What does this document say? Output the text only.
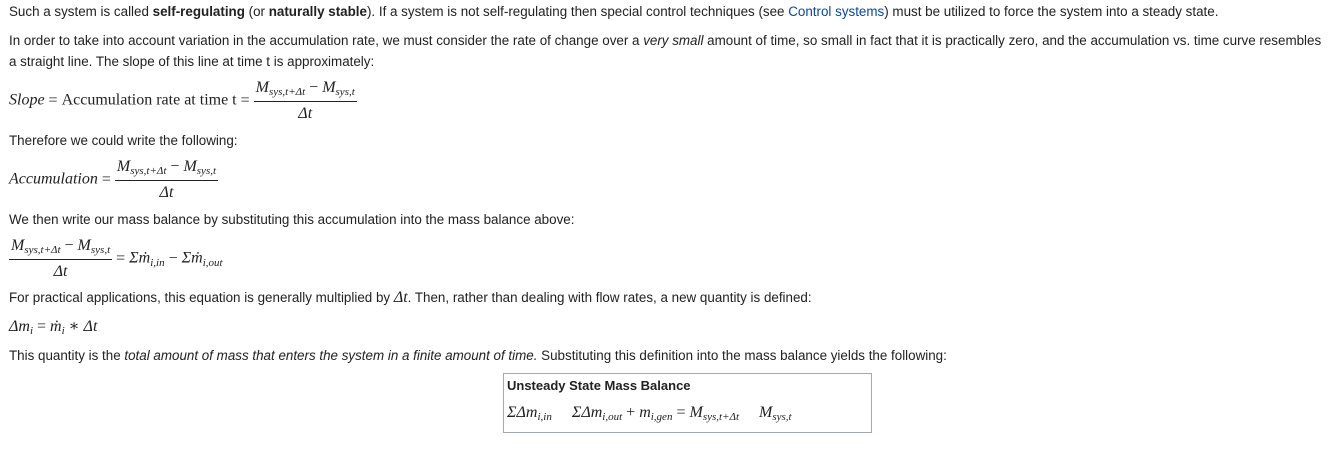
Such a system is called self-regulating (or naturally stable). If a system is not self-regulating then special control techniques (see Control systems) must be utilized to force the system into a steady state.
In order to take into account variation in the accumulation rate, we must consider the rate of change over a very small amount of time, so small in fact that it is practically zero, and the accumulation vs. time curve resembles a straight line. The slope of this line at time t is approximately:
Slope = Accumulation rate at time $t = \frac{\text{Msys,t+Δt − Msys,t}}{\Delta t}$
Therefore we could write the following:
Accumulation = $\frac{\text{Msys,t+Δt − Msys,t}}{\Delta t}$
We then write our mass balance by substituting this accumulation into the mass balance above:
$\frac{\text{Msys,t+Δt − Msys,t}}{\Delta t}$ = Σṁi,in − Σṁi,out
For practical applications, this equation is generally multiplied by Δt. Then, rather than dealing with flow rates, a new quantity is defined:
Δmi = ṁi ∗ Δt
This quantity is the total amount of mass that enters the system in a finite amount of time. Substituting this definition into the mass balance yields the following:
Unsteady State Mass Balance
ΣΔmi,in ΣΔmi,out + mi,gen = Msys,t+Δt Msys,t
